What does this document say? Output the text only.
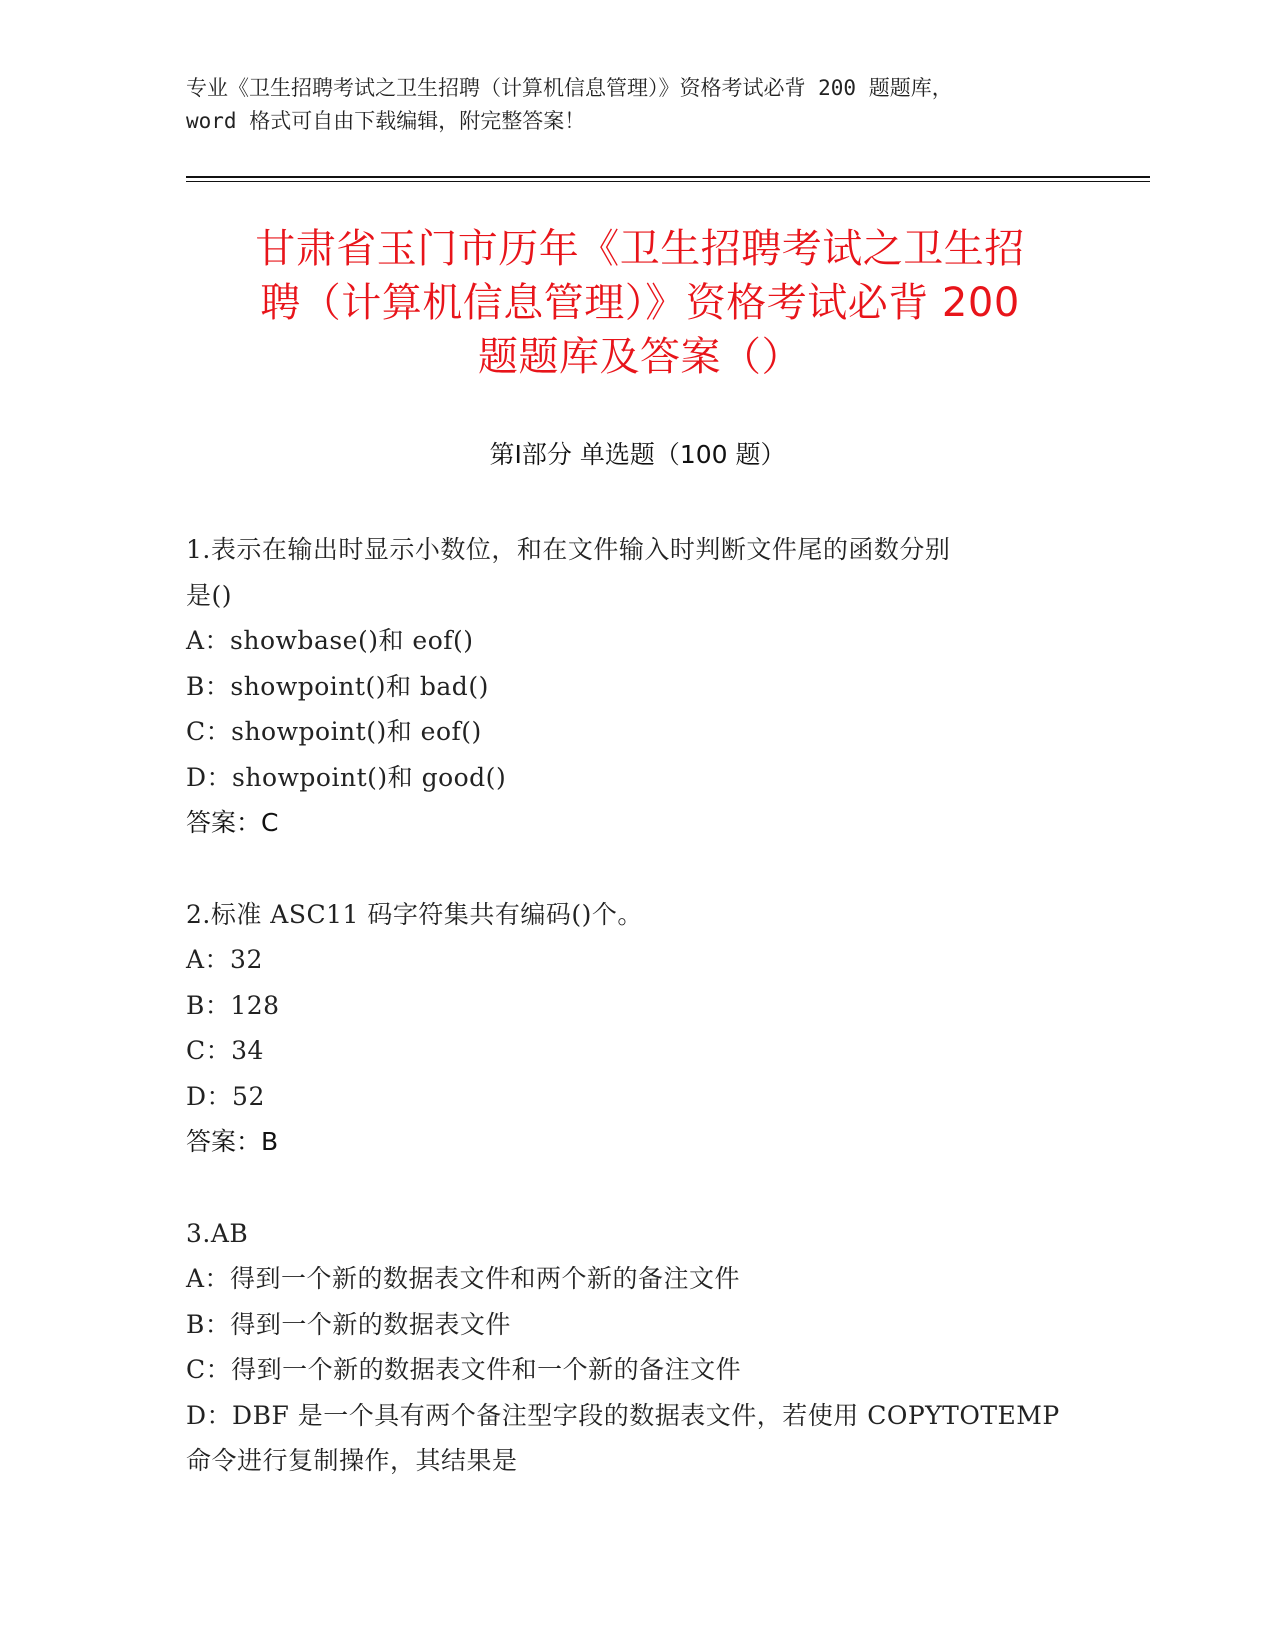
专业《卫生招聘考试之卫生招聘（计算机信息管理）》资格考试必背 200 题题库，
word 格式可自由下载编辑，附完整答案！
甘肃省玉门市历年《卫生招聘考试之卫生招
聘（计算机信息管理）》资格考试必背 200
题题库及答案（）
第Ⅰ部分 单选题（100 题）
1.表示在输出时显示小数位，和在文件输入时判断文件尾的函数分别
是()
A：showbase()和 eof()
B：showpoint()和 bad()
C：showpoint()和 eof()
D：showpoint()和 good()
答案：C
2.标准 ASC11 码字符集共有编码()个。
A：32
B：128
C：34
D：52
答案：B
3.AB
A：得到一个新的数据表文件和两个新的备注文件
B：得到一个新的数据表文件
C：得到一个新的数据表文件和一个新的备注文件
D：DBF 是一个具有两个备注型字段的数据表文件，若使用 COPYTOTEMP
命令进行复制操作，其结果是
